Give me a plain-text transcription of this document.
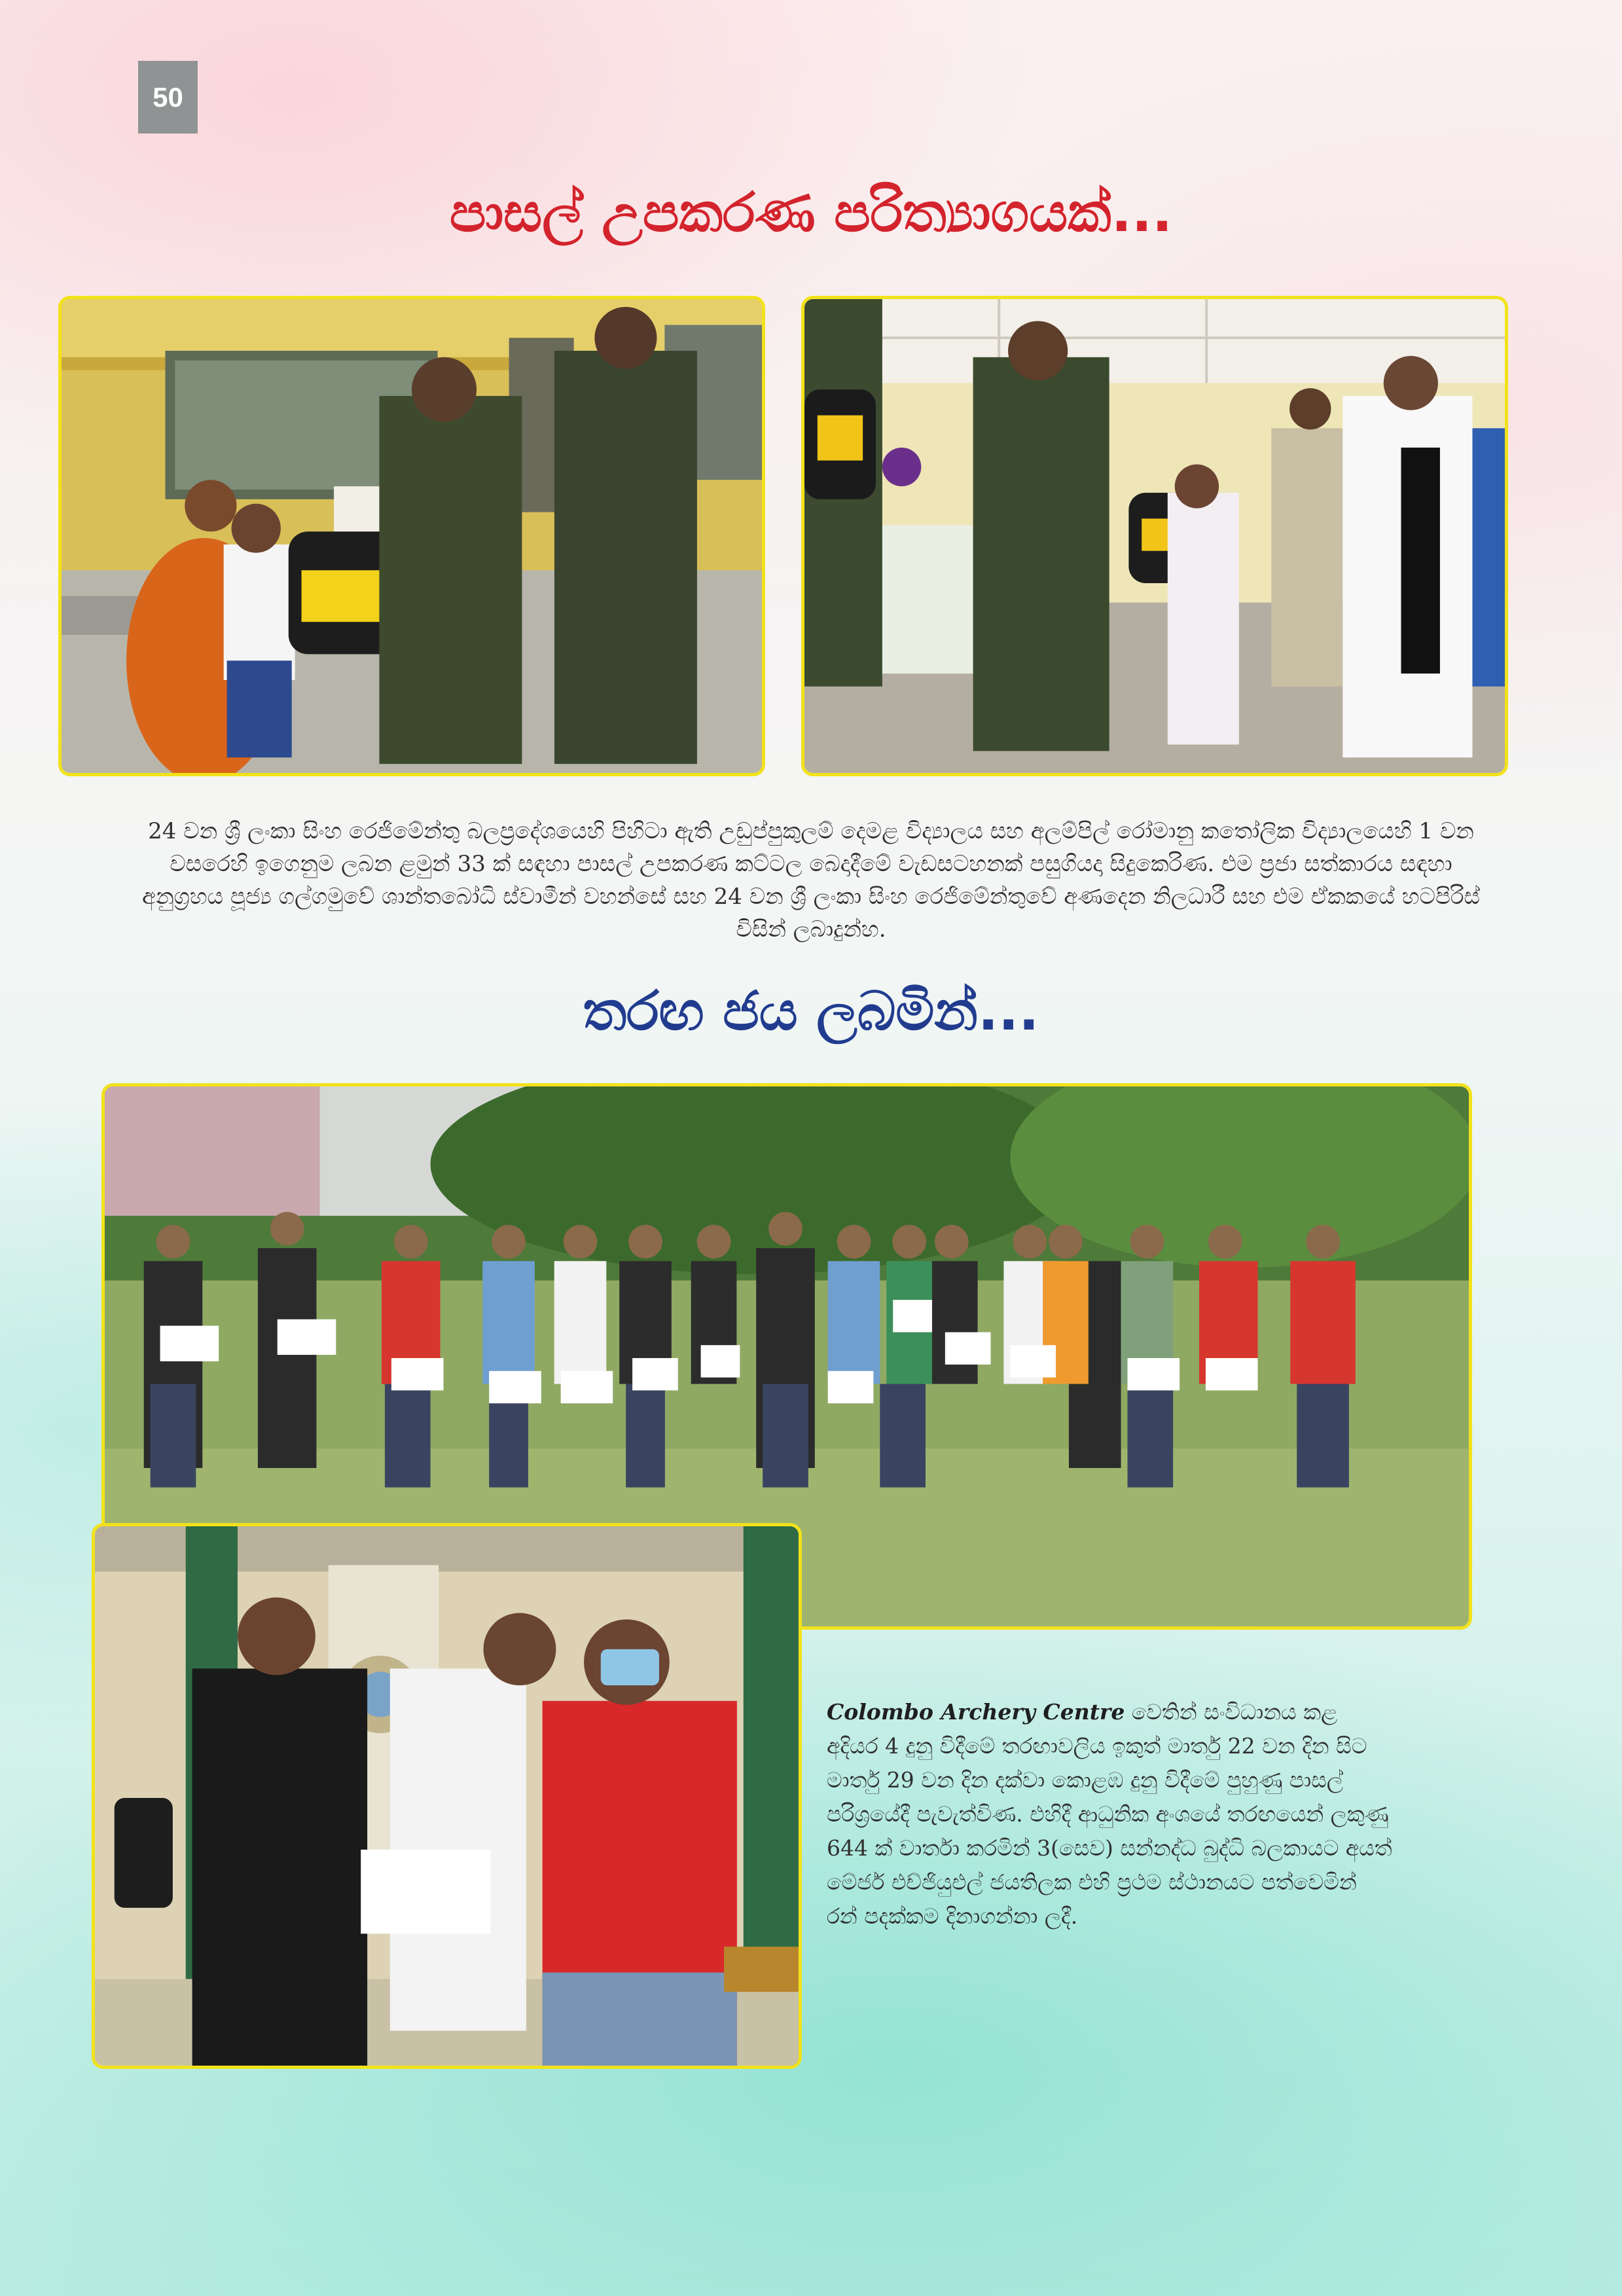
50
පාසල් උපකරණ පරිත්‍යාගයක්...

24 වන ශ්‍රී ලංකා සිංහ රෙජිමේන්තු බලප්‍රදේශයෙහි පිහිටා ඇති උඩුප්පුකුලම් දෙමළ විද්‍යාලය සහ අලම්පිල් රෝමානු කතෝලික විද්‍යාලයෙහි 1 වන වසරෙහි ඉගෙනුම ලබන ළමුන් 33 ක් සඳහා පාසල් උපකරණ කට්ටල බෙදාදීමේ වැඩසටහනක් පසුගියදා සිදුකෙරිණ. එම ප්‍රජා සත්කාරය සඳහා අනුග්‍රහය පූජ්‍ය ගල්ගමුවේ ශාන්තබෝධි ස්වාමීන් වහන්සේ සහ 24 වන ශ්‍රී ලංකා සිංහ රෙජිමේන්තුවේ අණදෙන නිලධාරී සහ එම ඒකකයේ හටපිරිස් විසින් ලබාදුන්හ.

තරඟ ජය ලබමින්...

Colombo Archery Centre වෙතින් සංවිධානය කළ අදියර 4 දුනු විදීමේ තරඟාවලිය ඉකුත් මාර්තු 22 වන දින සිට මාර්තු 29 වන දින දක්වා කොළඹ දුනු විදීමේ පුහුණු පාසල් පරිශ්‍රයේදී පැවැත්විණ. එහිදී ආධුනික අංශයේ තරඟයෙන් ලකුණු 644 ක් වාර්තා කරමින් 3(සෙව) සන්නද්ධ බුද්ධි බලකායට අයත් මේජර් එච්ජියුඑල් ජයතිලක එහි ප්‍රථම ස්ථානයට පත්වෙමින් රන් පදක්කම දිනාගන්නා ලදී.
